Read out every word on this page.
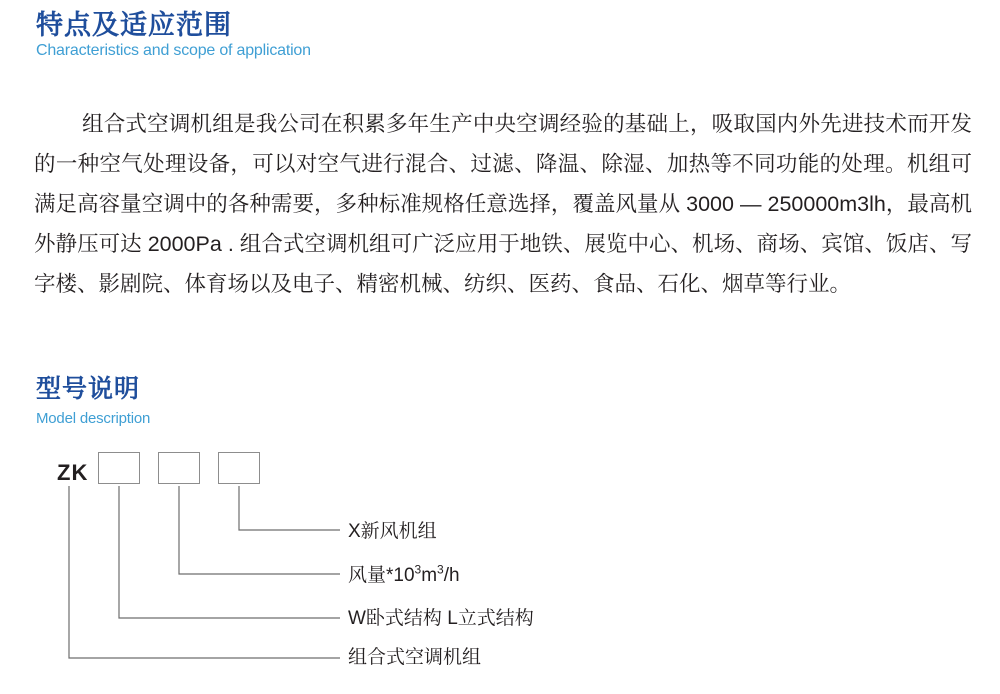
特点及适应范围
Characteristics and scope of application

组合式空调机组是我公司在积累多年生产中央空调经验的基础上，吸取国内外先进技术而开发的一种空气处理设备，可以对空气进行混合、过滤、降温、除湿、加热等不同功能的处理。机组可满足高容量空调中的各种需要，多种标准规格任意选择，覆盖风量从 3000 — 250000m3lh，最高机外静压可达 2000Pa . 组合式空调机组可广泛应用于地铁、展览中心、机场、商场、宾馆、饭店、写字楼、影剧院、体育场以及电子、精密机械、纺织、医药、食品、石化、烟草等行业。

型号说明
Model description
ZK
X新风机组
风量$*10^3m^3/h$
W卧式结构 L立式结构
组合式空调机组
